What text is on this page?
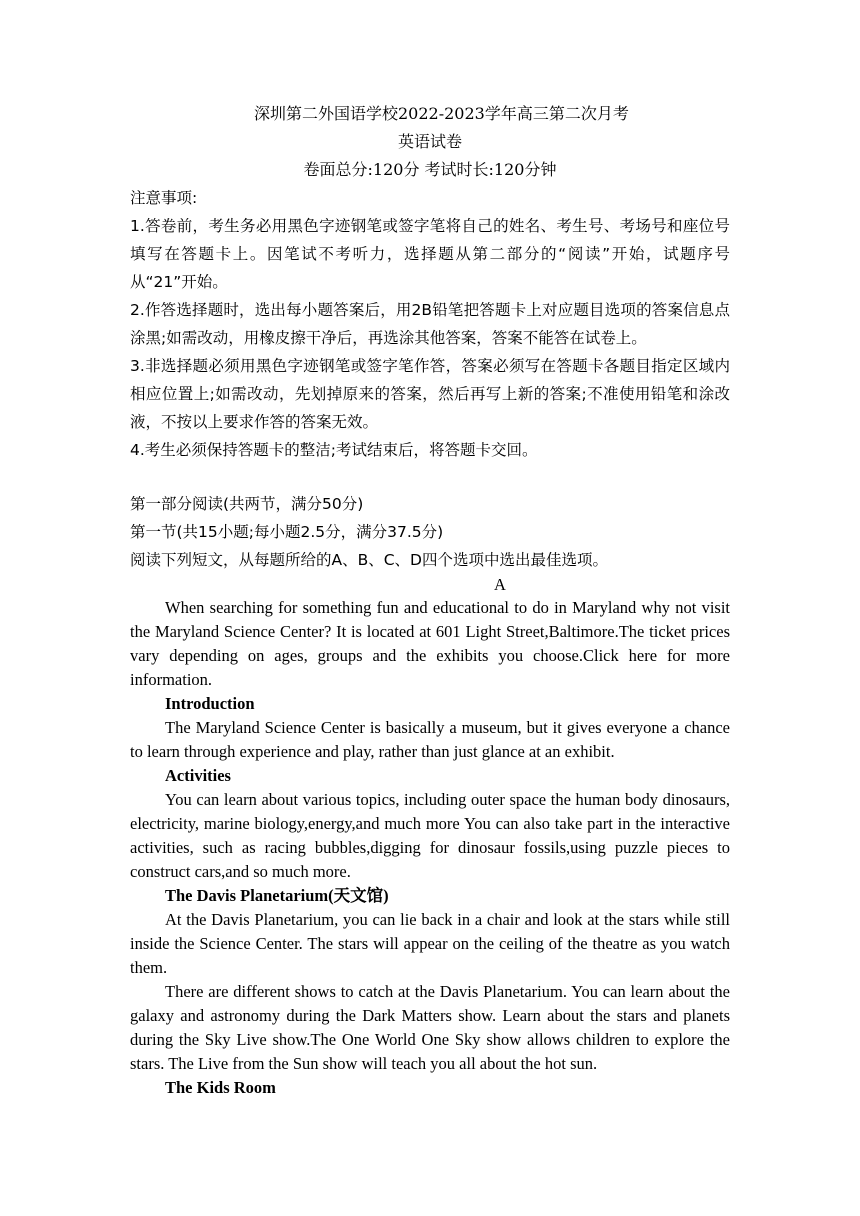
深圳第二外国语学校2022-2023学年高三第二次月考
英语试卷
卷面总分:120分 考试时长:120分钟

注意事项:

1.答卷前，考生务必用黑色字迹钢笔或签字笔将自己的姓名、考生号、考场号和座位号填写在答题卡上。因笔试不考听力，选择题从第二部分的“阅读”开始，试题序号从“21”开始。

2.作答选择题时，选出每小题答案后，用2B铅笔把答题卡上对应题目选项的答案信息点涂黑;如需改动，用橡皮擦干净后，再选涂其他答案，答案不能答在试卷上。

3.非选择题必须用黑色字迹钢笔或签字笔作答，答案必须写在答题卡各题目指定区域内相应位置上;如需改动，先划掉原来的答案，然后再写上新的答案;不准使用铅笔和涂改液，不按以上要求作答的答案无效。

4.考生必须保持答题卡的整洁;考试结束后，将答题卡交回。

第一部分阅读(共两节，满分50分)

第一节(共15小题;每小题2.5分，满分37.5分)

阅读下列短文，从每题所给的A、B、C、D四个选项中选出最佳选项。

A

When searching for something fun and educational to do in Maryland why not visit the Maryland Science Center? It is located at 601 Light Street,Baltimore.The ticket prices vary depending on ages, groups and the exhibits you choose.Click here for more information.

Introduction

The Maryland Science Center is basically a museum, but it gives everyone a chance to learn through experience and play, rather than just glance at an exhibit.

Activities

You can learn about various topics, including outer space the human body dinosaurs, electricity, marine biology,energy,and much more You can also take part in the interactive activities, such as racing bubbles,digging for dinosaur fossils,using puzzle pieces to construct cars,and so much more.

The Davis Planetarium(天文馆)

At the Davis Planetarium, you can lie back in a chair and look at the stars while still inside the Science Center. The stars will appear on the ceiling of the theatre as you watch them.

There are different shows to catch at the Davis Planetarium. You can learn about the galaxy and astronomy during the Dark Matters show. Learn about the stars and planets during the Sky Live show.The One World One Sky show allows children to explore the stars. The Live from the Sun show will teach you all about the hot sun.

The Kids Room
